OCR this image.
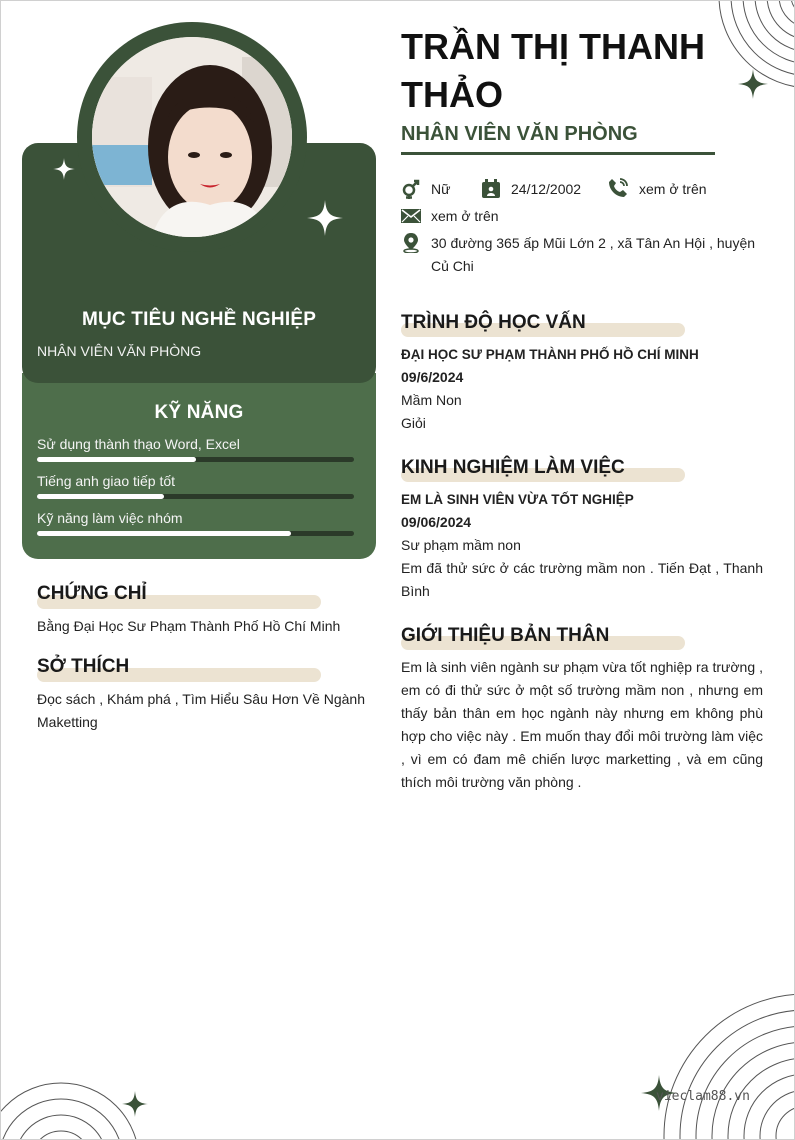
MỤC TIÊU NGHỀ NGHIỆP
NHÂN VIÊN VĂN PHÒNG
KỸ NĂNG
Sử dụng thành thạo Word, Excel
Tiếng anh giao tiếp tốt
Kỹ năng làm việc nhóm
CHỨNG CHỈ
Bằng Đại Học Sư Phạm Thành Phố Hồ Chí Minh
SỞ THÍCH
Đọc sách , Khám phá , Tìm Hiểu Sâu Hơn Về Ngành Maketting
TRẦN THỊ THANH THẢO
NHÂN VIÊN VĂN PHÒNG
Nữ	24/12/2002	xem ở trên
xem ở trên
30 đường 365 ấp Mũi Lớn 2 , xã Tân An Hội , huyện Củ Chi
TRÌNH ĐỘ HỌC VẤN
ĐẠI HỌC SƯ PHẠM THÀNH PHỐ HỒ CHÍ MINH
09/6/2024
Mầm Non
Giỏi
KINH NGHIỆM LÀM VIỆC
EM LÀ SINH VIÊN VỪA TỐT NGHIỆP
09/06/2024
Sư phạm mầm non
Em đã thử sức ở các trường mầm non . Tiến Đạt , Thanh Bình
GIỚI THIỆU BẢN THÂN
Em là sinh viên ngành sư phạm vừa tốt nghiệp ra trường , em có đi thử sức ở một số trường mầm non , nhưng em thấy bản thân em học ngành này nhưng em không phù hợp cho việc này . Em muốn thay đổi môi trường làm việc , vì em có đam mê chiến lược marketting , và em cũng thích môi trường văn phòng .
vieclam88.vn
